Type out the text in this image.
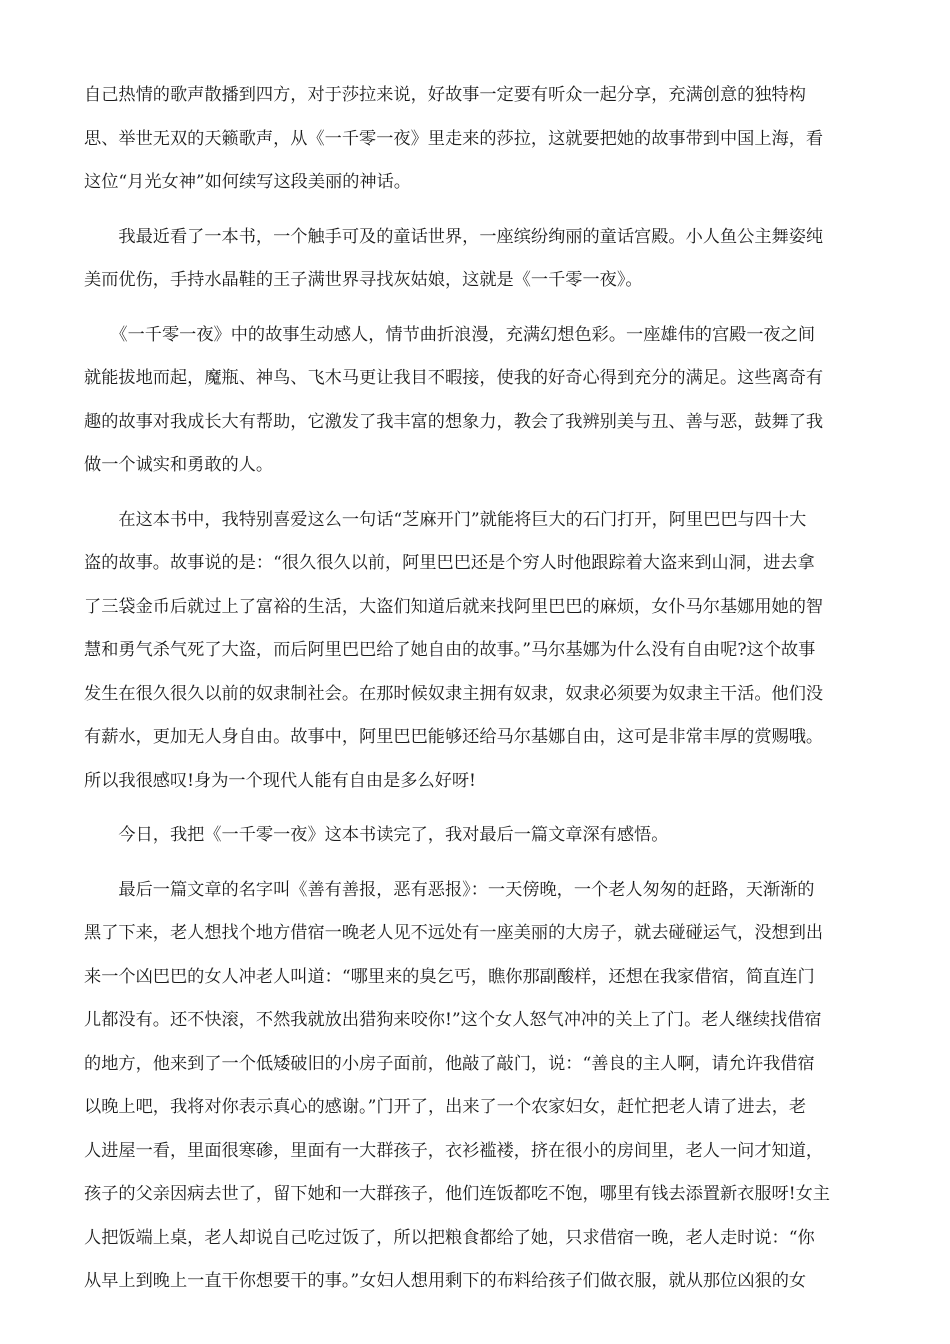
自己热情的歌声散播到四方，对于莎拉来说，好故事一定要有听众一起分享，充满创意的独特构
思、举世无双的天籁歌声，从《一千零一夜》里走来的莎拉，这就要把她的故事带到中国上海，看
这位“月光女神”如何续写这段美丽的神话。

我最近看了一本书，一个触手可及的童话世界，一座缤纷绚丽的童话宫殿。小人鱼公主舞姿纯
美而优伤，手持水晶鞋的王子满世界寻找灰姑娘，这就是《一千零一夜》。

《一千零一夜》中的故事生动感人，情节曲折浪漫，充满幻想色彩。一座雄伟的宫殿一夜之间
就能拔地而起，魔瓶、神鸟、飞木马更让我目不暇接，使我的好奇心得到充分的满足。这些离奇有
趣的故事对我成长大有帮助，它激发了我丰富的想象力，教会了我辨别美与丑、善与恶，鼓舞了我
做一个诚实和勇敢的人。

在这本书中，我特别喜爱这么一句话“芝麻开门”就能将巨大的石门打开，阿里巴巴与四十大
盗的故事。故事说的是：“很久很久以前，阿里巴巴还是个穷人时他跟踪着大盗来到山洞，进去拿
了三袋金币后就过上了富裕的生活，大盗们知道后就来找阿里巴巴的麻烦，女仆马尔基娜用她的智
慧和勇气杀气死了大盗，而后阿里巴巴给了她自由的故事。”马尔基娜为什么没有自由呢?这个故事
发生在很久很久以前的奴隶制社会。在那时候奴隶主拥有奴隶，奴隶必须要为奴隶主干活。他们没
有薪水，更加无人身自由。故事中，阿里巴巴能够还给马尔基娜自由，这可是非常丰厚的赏赐哦。
所以我很感叹!身为一个现代人能有自由是多么好呀!

今日，我把《一千零一夜》这本书读完了，我对最后一篇文章深有感悟。

最后一篇文章的名字叫《善有善报，恶有恶报》：一天傍晚，一个老人匆匆的赶路，天渐渐的
黑了下来，老人想找个地方借宿一晚老人见不远处有一座美丽的大房子，就去碰碰运气，没想到出
来一个凶巴巴的女人冲老人叫道：“哪里来的臭乞丐，瞧你那副酸样，还想在我家借宿，简直连门
儿都没有。还不快滚，不然我就放出猎狗来咬你!”这个女人怒气冲冲的关上了门。老人继续找借宿
的地方，他来到了一个低矮破旧的小房子面前，他敲了敲门，说：“善良的主人啊，请允许我借宿
以晚上吧，我将对你表示真心的感谢。”门开了，出来了一个农家妇女，赶忙把老人请了进去，老
人进屋一看，里面很寒碜，里面有一大群孩子，衣衫褴褛，挤在很小的房间里，老人一问才知道，
孩子的父亲因病去世了，留下她和一大群孩子，他们连饭都吃不饱，哪里有钱去添置新衣服呀!女主
人把饭端上桌，老人却说自己吃过饭了，所以把粮食都给了她，只求借宿一晚，老人走时说：“你
从早上到晚上一直干你想要干的事。”女妇人想用剩下的布料给孩子们做衣服，就从那位凶狠的女
